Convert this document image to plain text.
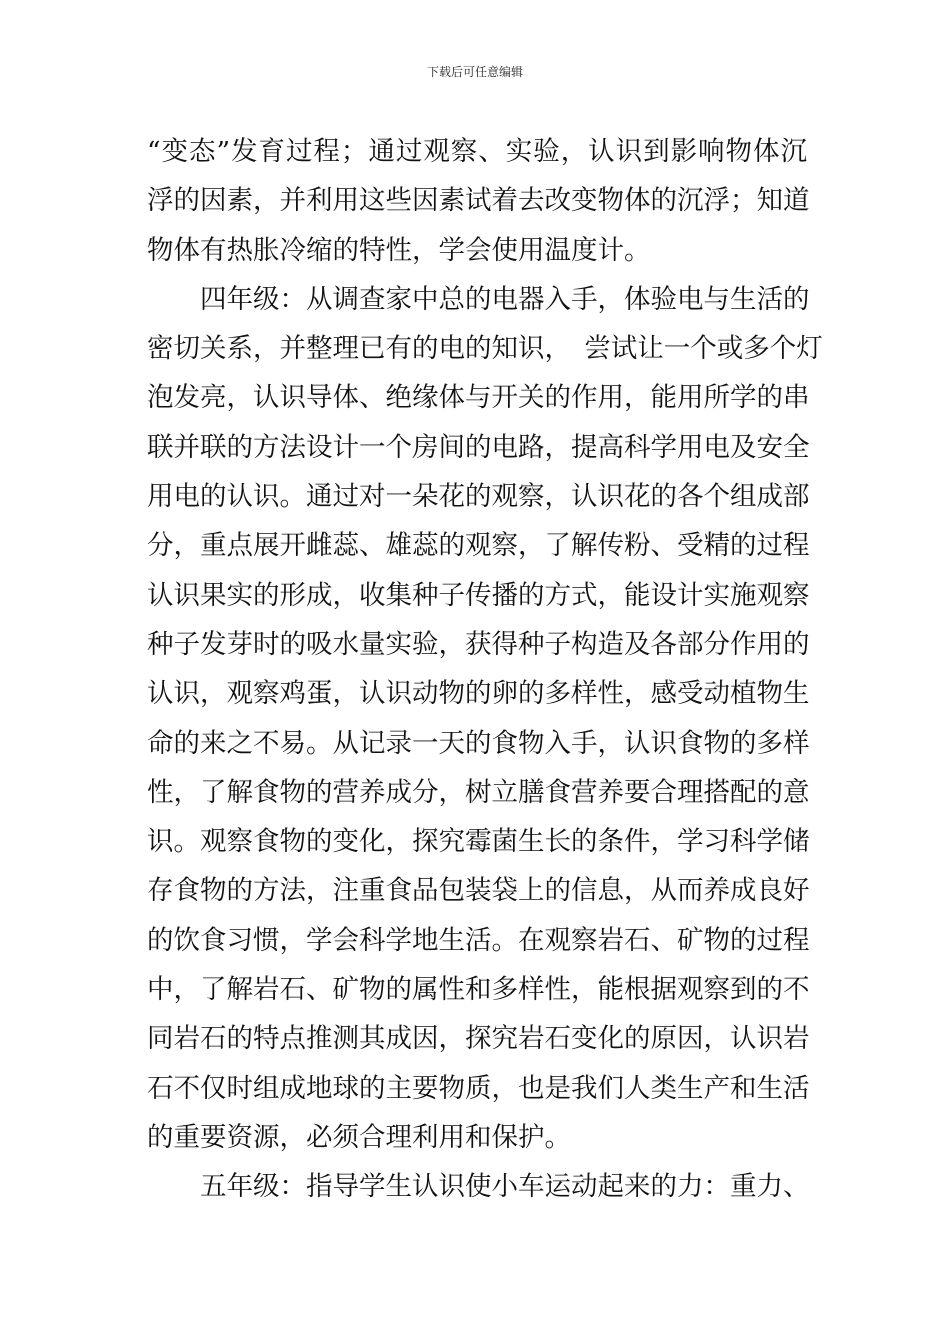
下载后可任意编辑
“变态”发育过程；通过观察、实验，认识到影响物体沉
浮的因素，并利用这些因素试着去改变物体的沉浮；知道
物体有热胀冷缩的特性，学会使用温度计。
四年级：从调查家中总的电器入手，体验电与生活的
密切关系，并整理已有的电的知识，　尝试让一个或多个灯
泡发亮，认识导体、绝缘体与开关的作用，能用所学的串
联并联的方法设计一个房间的电路，提高科学用电及安全
用电的认识。通过对一朵花的观察，认识花的各个组成部
分，重点展开雌蕊、雄蕊的观察，了解传粉、受精的过程
认识果实的形成，收集种子传播的方式，能设计实施观察
种子发芽时的吸水量实验，获得种子构造及各部分作用的
认识，观察鸡蛋，认识动物的卵的多样性，感受动植物生
命的来之不易。从记录一天的食物入手，认识食物的多样
性，了解食物的营养成分，树立膳食营养要合理搭配的意
识。观察食物的变化，探究霉菌生长的条件，学习科学储
存食物的方法，注重食品包装袋上的信息，从而养成良好
的饮食习惯，学会科学地生活。在观察岩石、矿物的过程
中，了解岩石、矿物的属性和多样性，能根据观察到的不
同岩石的特点推测其成因，探究岩石变化的原因，认识岩
石不仅时组成地球的主要物质，也是我们人类生产和生活
的重要资源，必须合理利用和保护。
五年级：指导学生认识使小车运动起来的力：重力、
